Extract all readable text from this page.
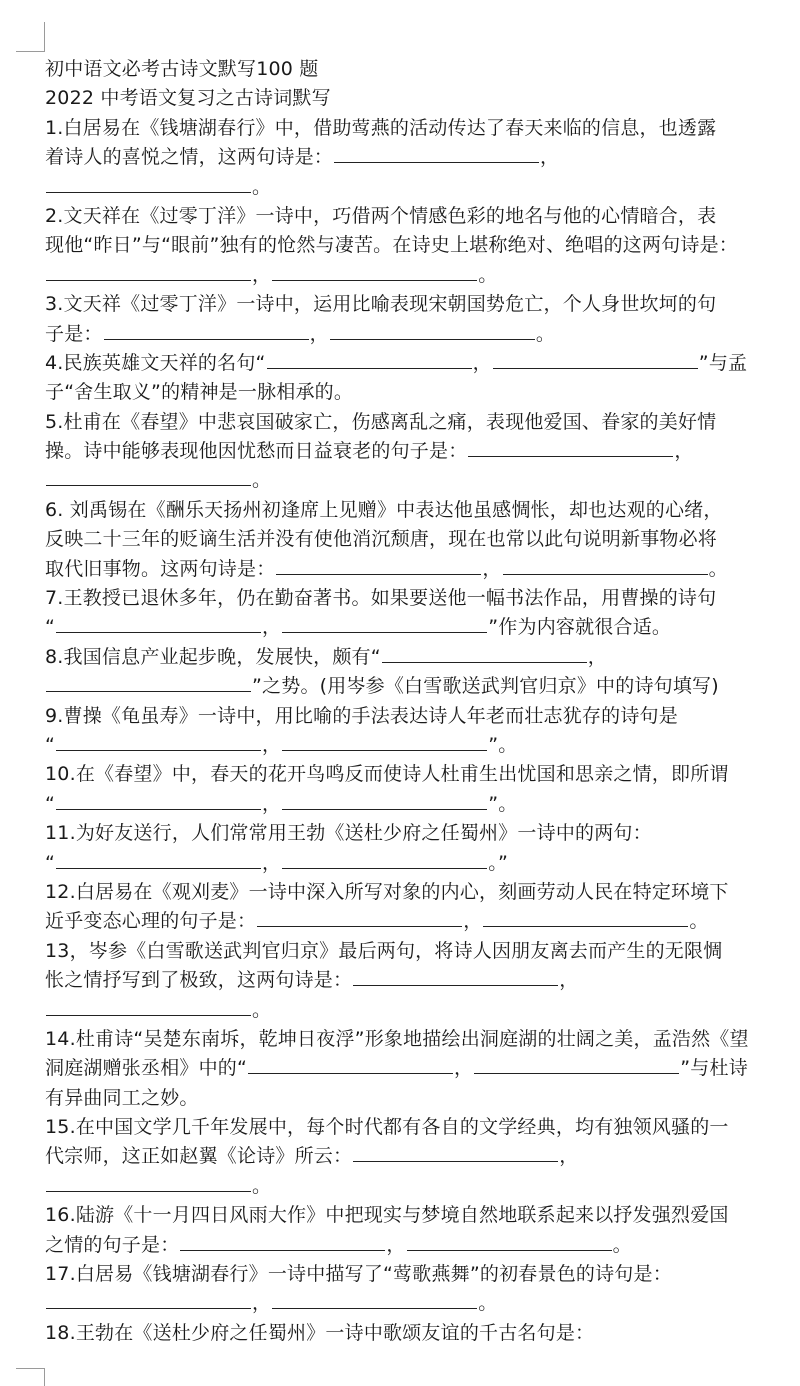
初中语文必考古诗文默写100 题
2022 中考语文复习之古诗词默写
1.白居易在《钱塘湖春行》中，借助莺燕的活动传达了春天来临的信息，也透露
着诗人的喜悦之情，这两句诗是：	，
。
2.文天祥在《过零丁洋》一诗中，巧借两个情感色彩的地名与他的心情暗合，表
现他“昨日”与“眼前”独有的怆然与凄苦。在诗史上堪称绝对、绝唱的这两句诗是：
，	。
3.文天祥《过零丁洋》一诗中，运用比喻表现宋朝国势危亡，个人身世坎坷的句
子是：	，	。
4.民族英雄文天祥的名句“	，	”与孟
子“舍生取义”的精神是一脉相承的。
5.杜甫在《春望》中悲哀国破家亡，伤感离乱之痛，表现他爱国、眷家的美好情
操。诗中能够表现他因忧愁而日益衰老的句子是：	，
。
6. 刘禹锡在《酬乐天扬州初逢席上见赠》中表达他虽感惆怅，却也达观的心绪，
反映二十三年的贬谪生活并没有使他消沉颓唐，现在也常以此句说明新事物必将
取代旧事物。这两句诗是：	，	。
7.王教授已退休多年，仍在勤奋著书。如果要送他一幅书法作品，用曹操的诗句
“	，	”作为内容就很合适。
8.我国信息产业起步晚，发展快，颇有“	，
”之势。(用岑参《白雪歌送武判官归京》中的诗句填写)
9.曹操《龟虽寿》一诗中，用比喻的手法表达诗人年老而壮志犹存的诗句是
“	，	”。
10.在《春望》中，春天的花开鸟鸣反而使诗人杜甫生出忧国和思亲之情，即所谓
“	，	”。
11.为好友送行，人们常常用王勃《送杜少府之任蜀州》一诗中的两句：
“	，	。”
12.白居易在《观刈麦》一诗中深入所写对象的内心，刻画劳动人民在特定环境下
近乎变态心理的句子是：	，	。
13，岑参《白雪歌送武判官归京》最后两句，将诗人因朋友离去而产生的无限惆
怅之情抒写到了极致，这两句诗是：	，
。
14.杜甫诗“吴楚东南坼，乾坤日夜浮”形象地描绘出洞庭湖的壮阔之美，孟浩然《望
洞庭湖赠张丞相》中的“	，	”与杜诗
有异曲同工之妙。
15.在中国文学几千年发展中，每个时代都有各自的文学经典，均有独领风骚的一
代宗师，这正如赵翼《论诗》所云：	，
。
16.陆游《十一月四日风雨大作》中把现实与梦境自然地联系起来以抒发强烈爱国
之情的句子是：	，	。
17.白居易《钱塘湖春行》一诗中描写了“莺歌燕舞”的初春景色的诗句是：
，	。
18.王勃在《送杜少府之任蜀州》一诗中歌颂友谊的千古名句是：
